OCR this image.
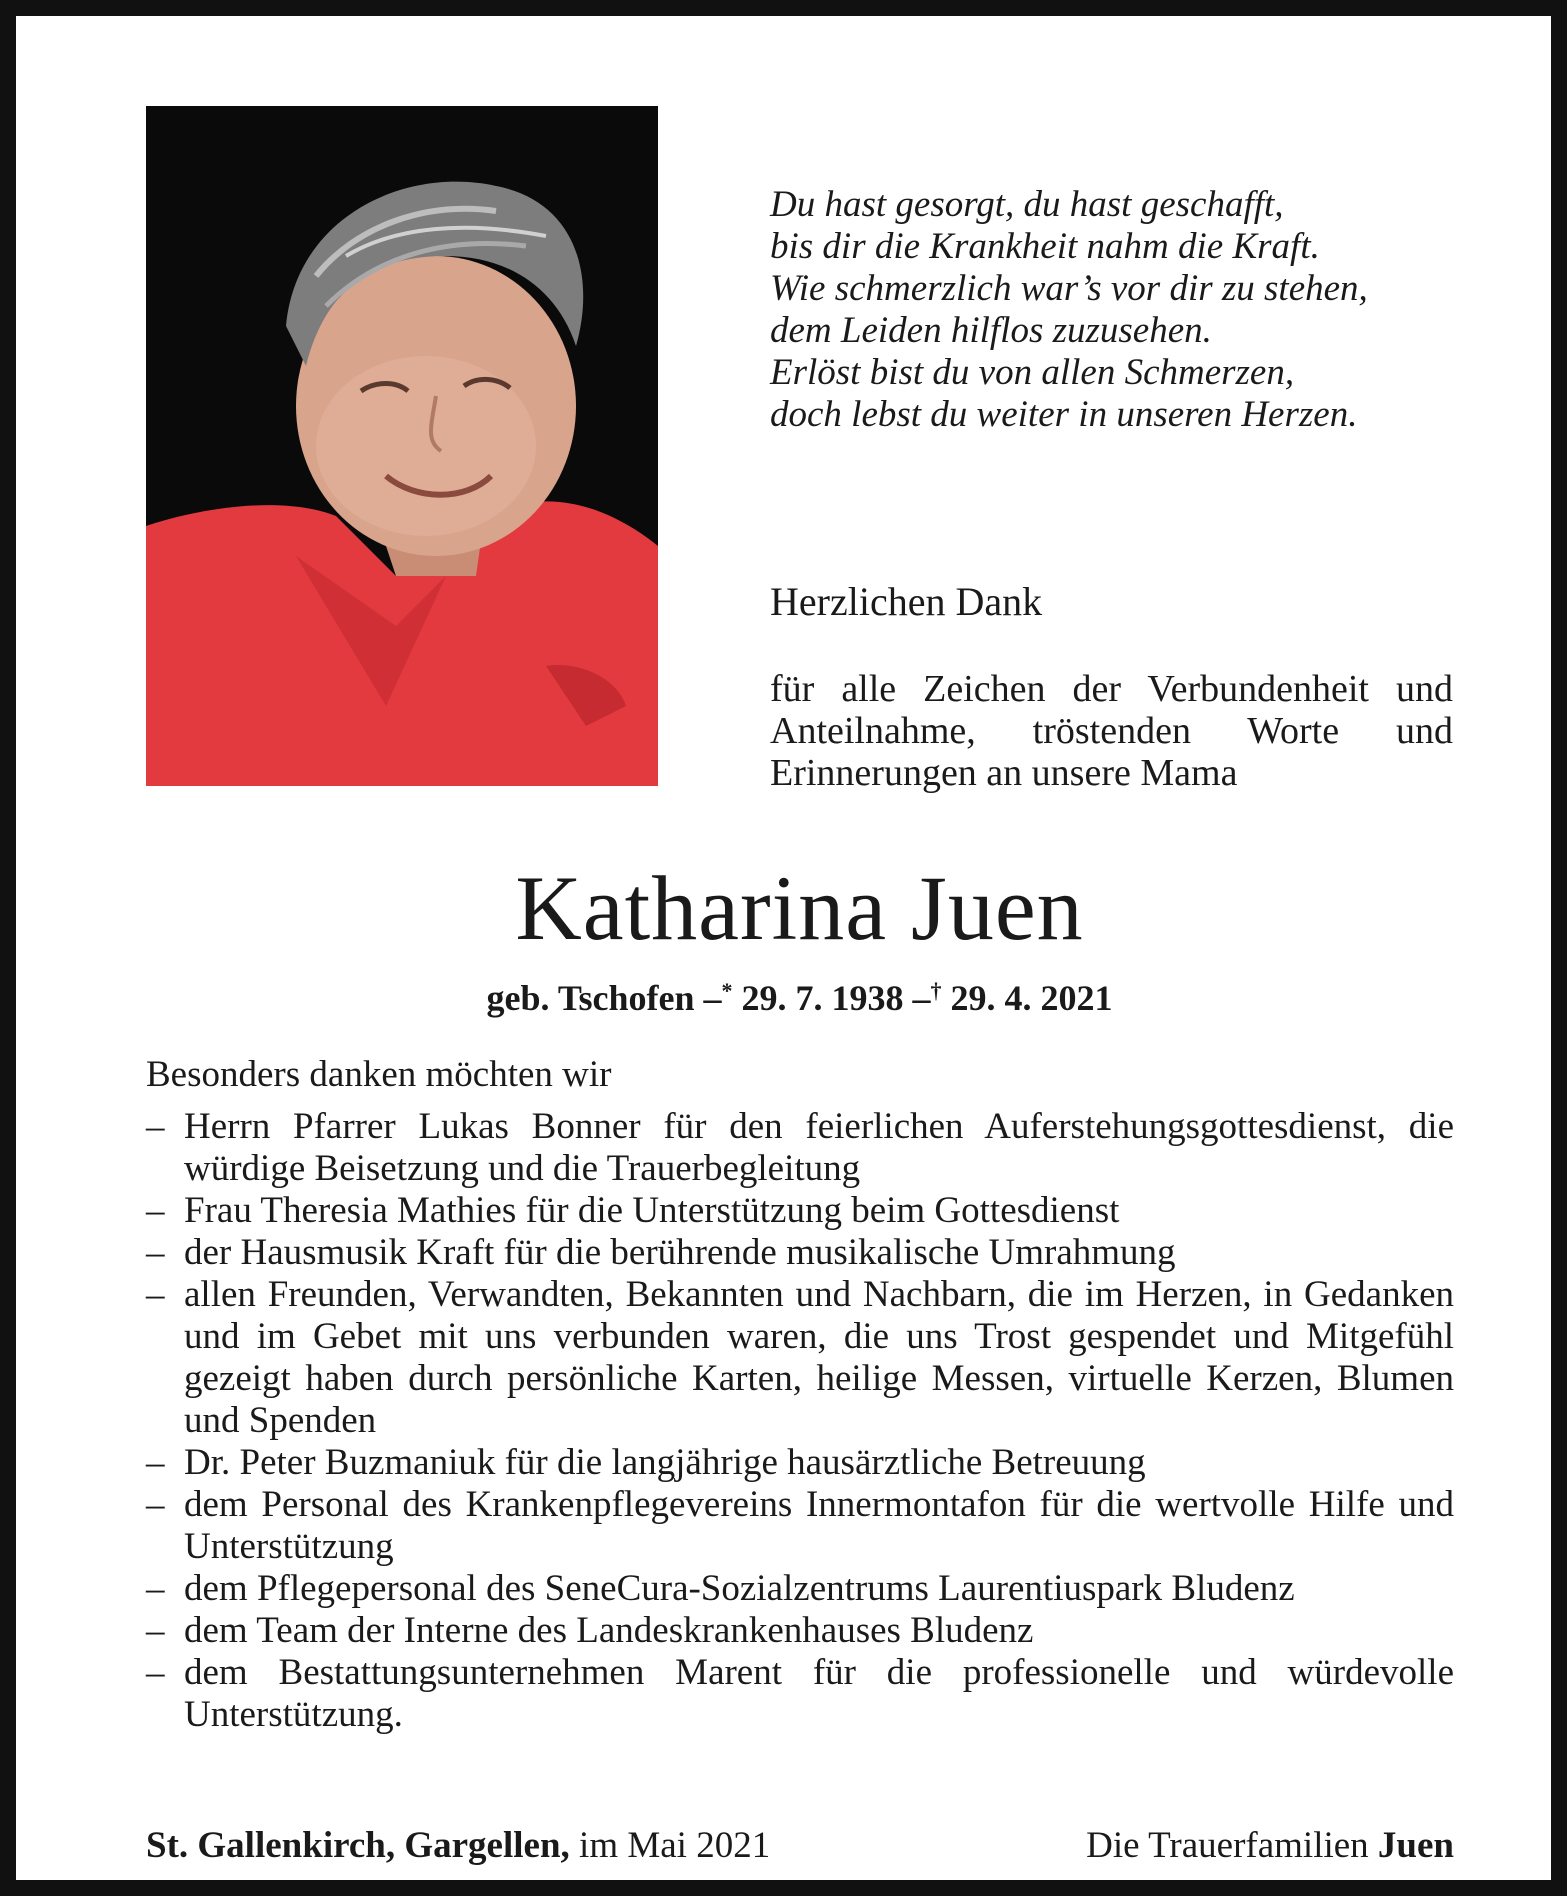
Du hast gesorgt, du hast geschafft,
bis dir die Krankheit nahm die Kraft.
Wie schmerzlich war’s vor dir zu stehen,
dem Leiden hilflos zuzusehen.
Erlöst bist du von allen Schmerzen,
doch lebst du weiter in unseren Herzen.
Herzlichen Dank
für alle Zeichen der Verbundenheit und Anteilnahme, tröstenden Worte und
Erinnerungen an unsere Mama
Katharina Juen
geb. Tschofen –* 29. 7. 1938 –† 29. 4. 2021
Besonders danken möchten wir
– Herrn Pfarrer Lukas Bonner für den feierlichen Auferstehungsgottesdienst, die würdige Beisetzung und die Trauerbegleitung
– Frau Theresia Mathies für die Unterstützung beim Gottesdienst
– der Hausmusik Kraft für die berührende musikalische Umrahmung
– allen Freunden, Verwandten, Bekannten und Nachbarn, die im Herzen, in Gedanken und im Gebet mit uns verbunden waren, die uns Trost gespendet und Mitgefühl gezeigt haben durch persönliche Karten, heilige Messen, virtuelle Kerzen, Blumen und Spenden
– Dr. Peter Buzmaniuk für die langjährige hausärztliche Betreuung
– dem Personal des Krankenpflegevereins Innermontafon für die wertvolle Hilfe und Unterstützung
– dem Pflegepersonal des SeneCura-Sozialzentrums Laurentiuspark Bludenz
– dem Team der Interne des Landeskrankenhauses Bludenz
– dem Bestattungsunternehmen Marent für die professionelle und würdevolle Unterstützung.
St. Gallenkirch, Gargellen, im Mai 2021	Die Trauerfamilien Juen
